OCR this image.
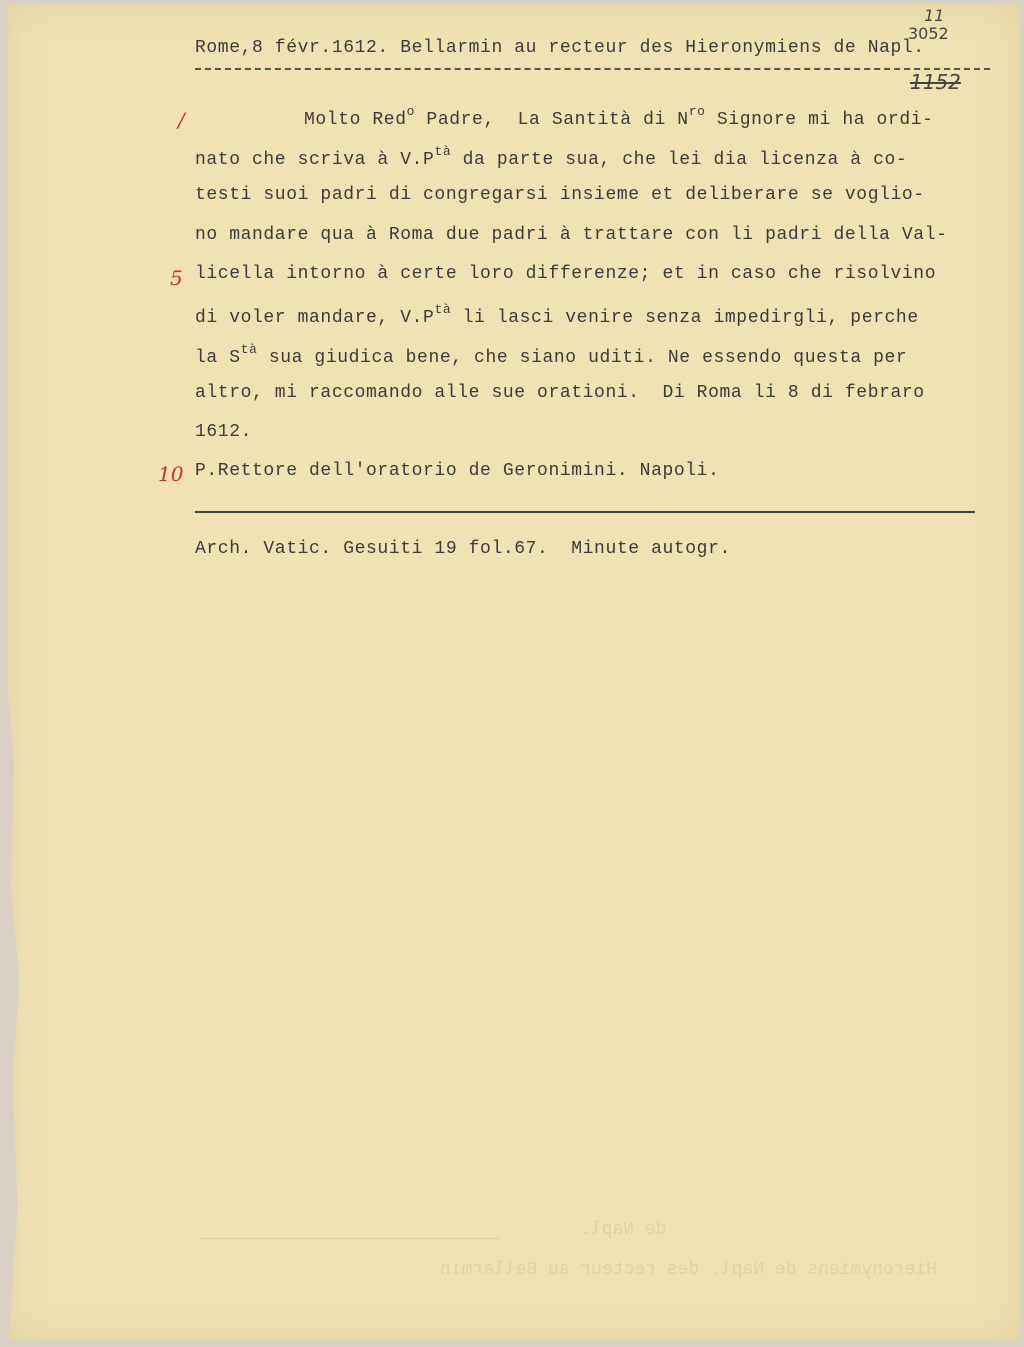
11
3052
Rome,8 févr.1612. Bellarmin au recteur des Hieronymiens de Napl.
1152
/
5
10
Molto Red$^o$ Padre,  La Santità di $N^{ro}$ Signore mi ha ordi-
nato che scriva à $V.P^{tà}$ da parte sua, che lei dia licenza à co-
testi suoi padri di congregarsi insieme et deliberare se voglio-
no mandare qua à Roma due padri à trattare con li padri della Val-
licella intorno à certe loro differenze; et in caso che risolvino
di voler mandare, $V.P^{tà}$ li lasci venire senza impedirgli, perche
la $S^{tà}$ sua giudica bene, che siano uditi. Ne essendo questa per
altro, mi raccomando alle sue orationi.  Di Roma li 8 di febraro
1612.
P.Rettore dell'oratorio de Geronimini. Napoli.
Arch. Vatic. Gesuiti 19 fol.67.  Minute autogr.
de Napl.
Hieronymiens de Napl. des recteur au Bellarmin
